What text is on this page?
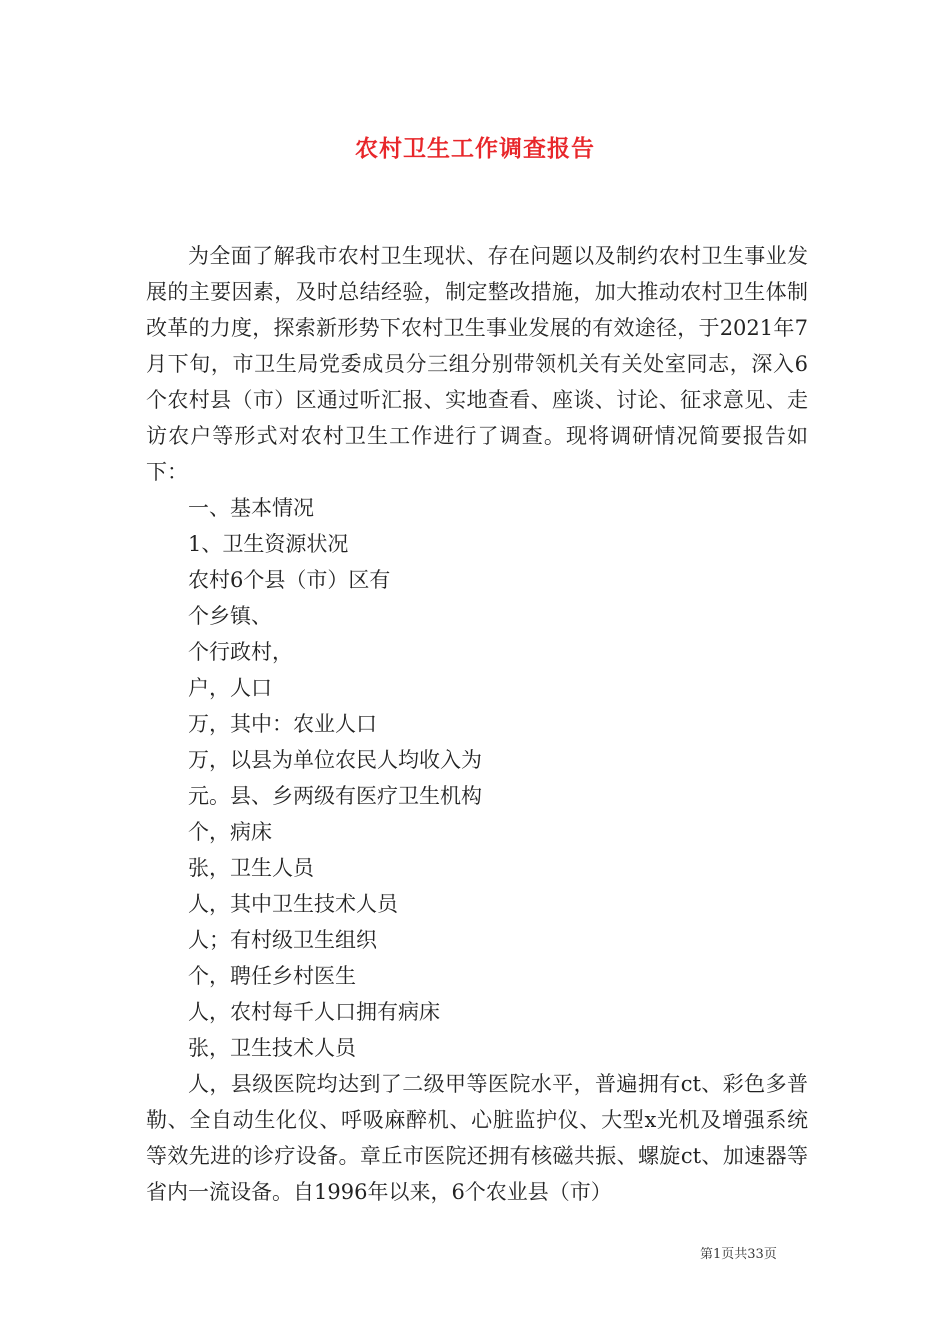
农村卫生工作调查报告

为全面了解我市农村卫生现状、存在问题以及制约农村卫生事业发展的主要因素，及时总结经验，制定整改措施，加大推动农村卫生体制改革的力度，探索新形势下农村卫生事业发展的有效途径，于2021年7月下旬，市卫生局党委成员分三组分别带领机关有关处室同志，深入6个农村县（市）区通过听汇报、实地查看、座谈、讨论、征求意见、走访农户等形式对农村卫生工作进行了调查。现将调研情况简要报告如下：

一、基本情况

1、卫生资源状况

农村6个县（市）区有

个乡镇、

个行政村，

户，人口

万，其中：农业人口

万，以县为单位农民人均收入为

元。县、乡两级有医疗卫生机构

个，病床

张，卫生人员

人，其中卫生技术人员

人；有村级卫生组织

个，聘任乡村医生

人，农村每千人口拥有病床

张，卫生技术人员

人，县级医院均达到了二级甲等医院水平，普遍拥有ct、彩色多普勒、全自动生化仪、呼吸麻醉机、心脏监护仪、大型x光机及增强系统等效先进的诊疗设备。章丘市医院还拥有核磁共振、螺旋ct、加速器等省内一流设备。自1996年以来，6个农业县（市）

第1页共33页
